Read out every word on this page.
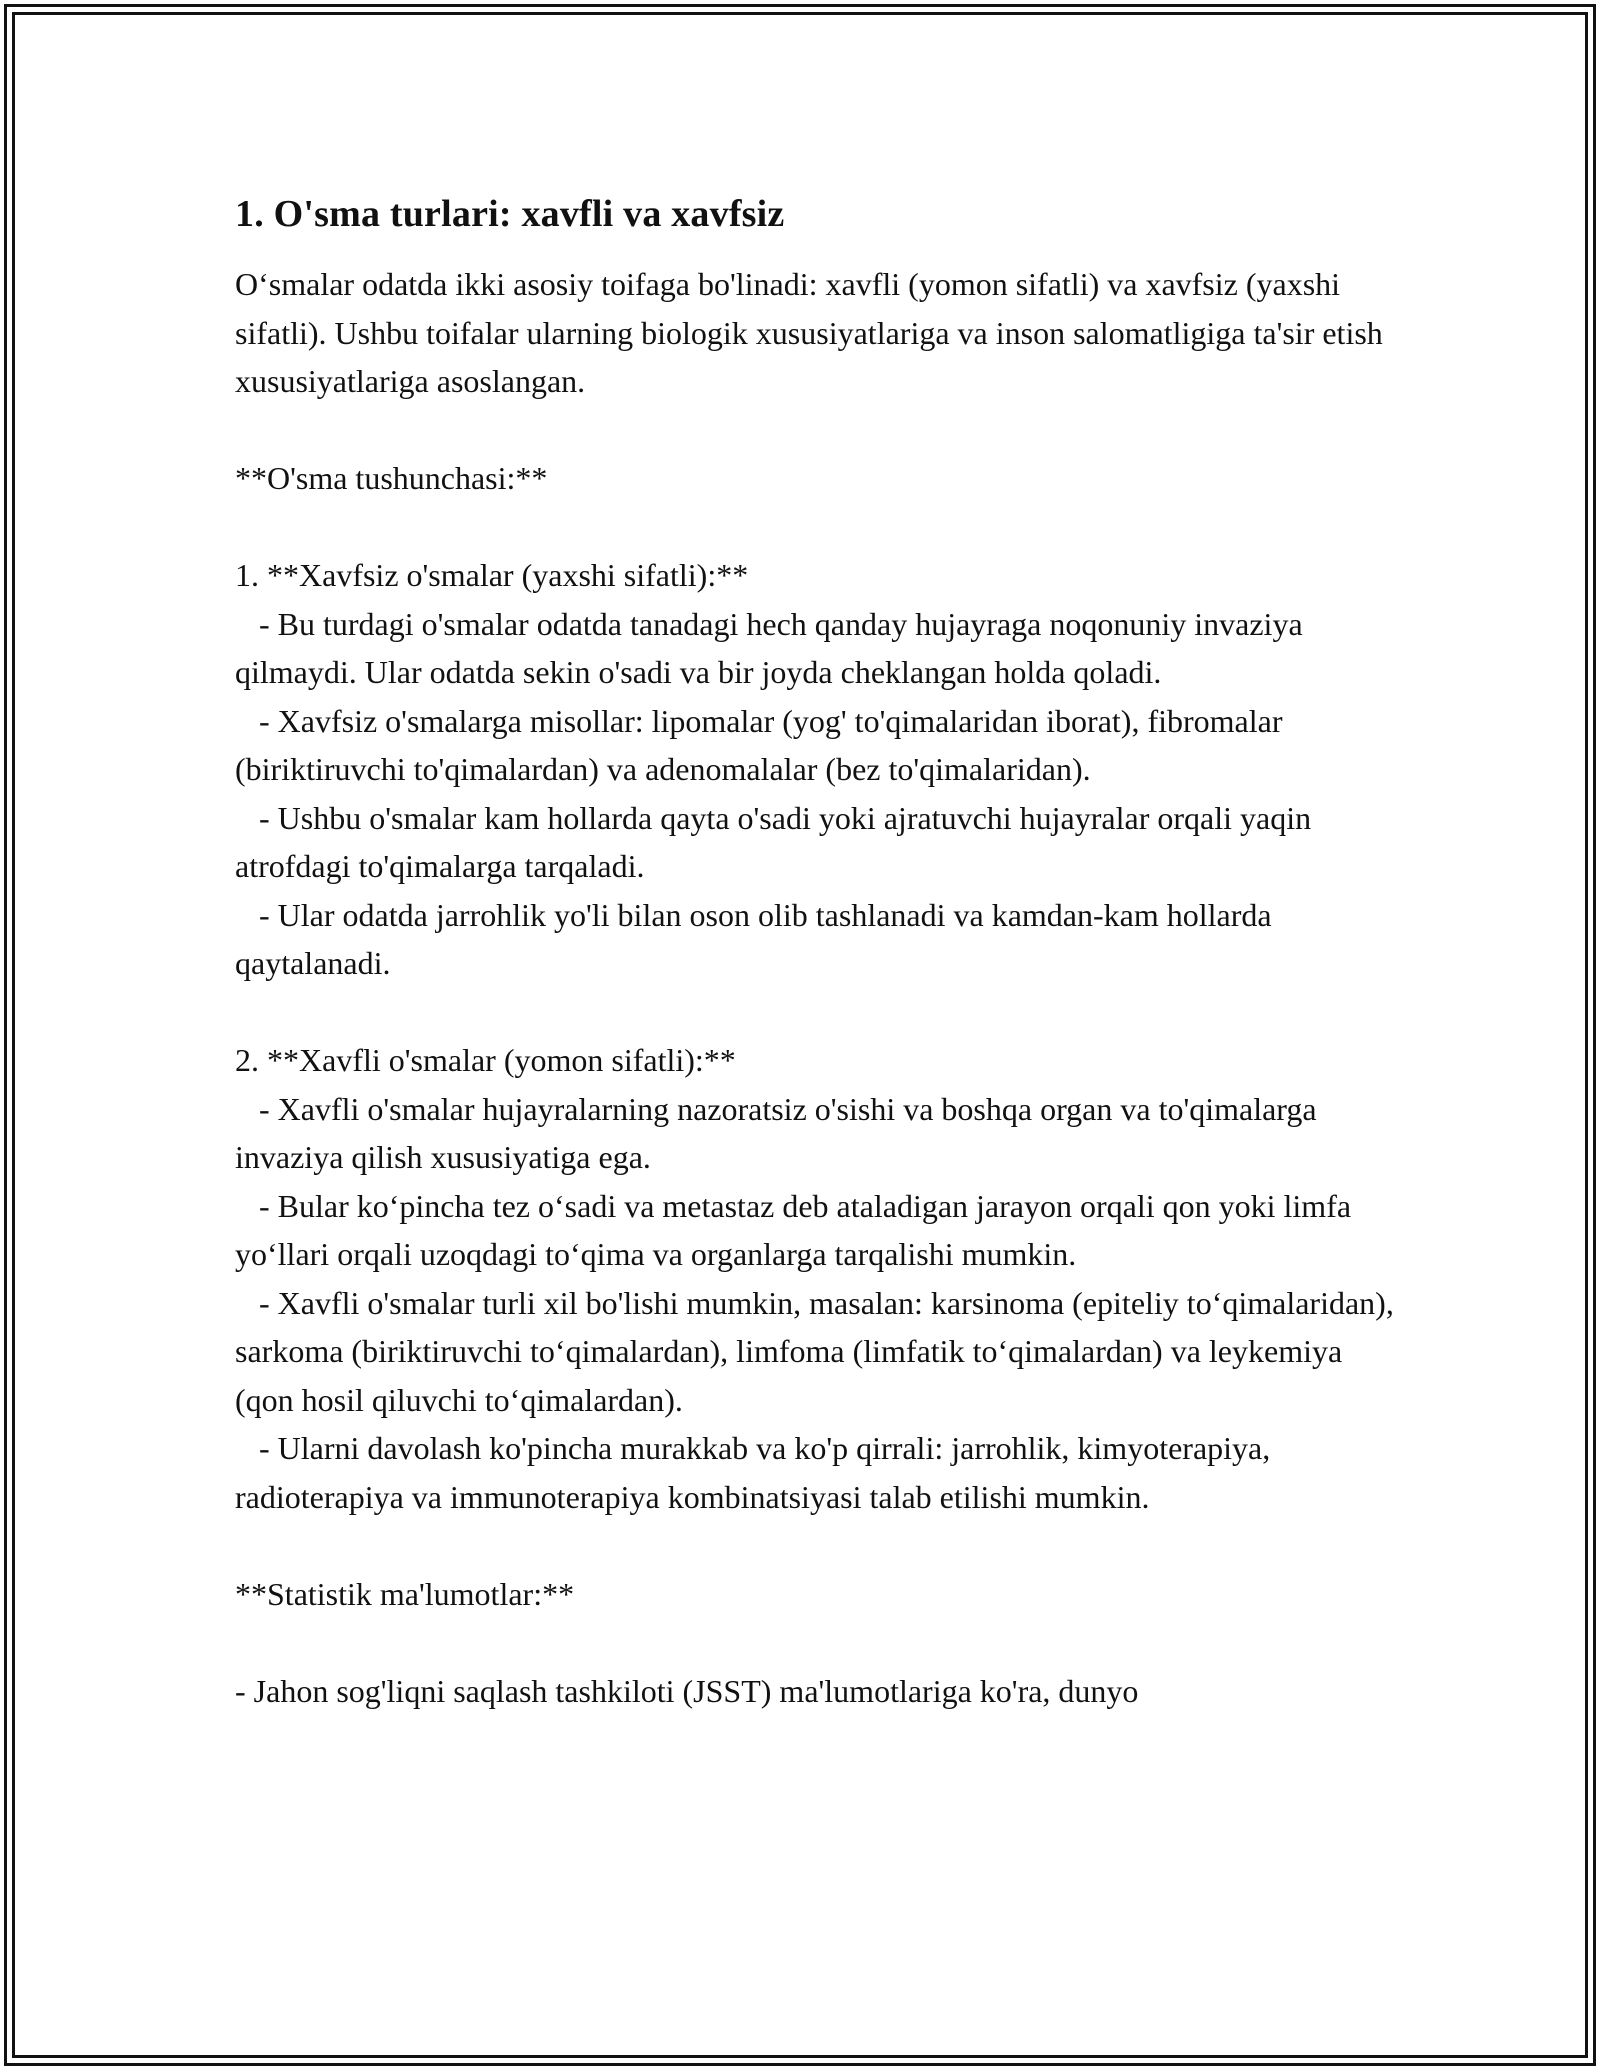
1. O'sma turlari: xavfli va xavfsiz

O‘smalar odatda ikki asosiy toifaga bo'linadi: xavfli (yomon sifatli) va xavfsiz (yaxshi sifatli). Ushbu toifalar ularning biologik xususiyatlariga va inson salomatligiga ta'sir etish xususiyatlariga asoslangan.

**O'sma tushunchasi:**

1. **Xavfsiz o'smalar (yaxshi sifatli):**

- Bu turdagi o'smalar odatda tanadagi hech qanday hujayraga noqonuniy invaziya qilmaydi. Ular odatda sekin o'sadi va bir joyda cheklangan holda qoladi.

- Xavfsiz o'smalarga misollar: lipomalar (yog' to'qimalaridan iborat), fibromalar (biriktiruvchi to'qimalardan) va adenomalalar (bez to'qimalaridan).

- Ushbu o'smalar kam hollarda qayta o'sadi yoki ajratuvchi hujayralar orqali yaqin atrofdagi to'qimalarga tarqaladi.

- Ular odatda jarrohlik yo'li bilan oson olib tashlanadi va kamdan-kam hollarda qaytalanadi.

2. **Xavfli o'smalar (yomon sifatli):**

- Xavfli o'smalar hujayralarning nazoratsiz o'sishi va boshqa organ va to'qimalarga invaziya qilish xususiyatiga ega.

- Bular ko‘pincha tez o‘sadi va metastaz deb ataladigan jarayon orqali qon yoki limfa yo‘llari orqali uzoqdagi to‘qima va organlarga tarqalishi mumkin.

- Xavfli o'smalar turli xil bo'lishi mumkin, masalan: karsinoma (epiteliy to‘qimalaridan), sarkoma (biriktiruvchi to‘qimalardan), limfoma (limfatik to‘qimalardan) va leykemiya (qon hosil qiluvchi to‘qimalardan).

- Ularni davolash ko'pincha murakkab va ko'p qirrali: jarrohlik, kimyoterapiya, radioterapiya va immunoterapiya kombinatsiyasi talab etilishi mumkin.

**Statistik ma'lumotlar:**

- Jahon sog'liqni saqlash tashkiloti (JSST) ma'lumotlariga ko'ra, dunyo
